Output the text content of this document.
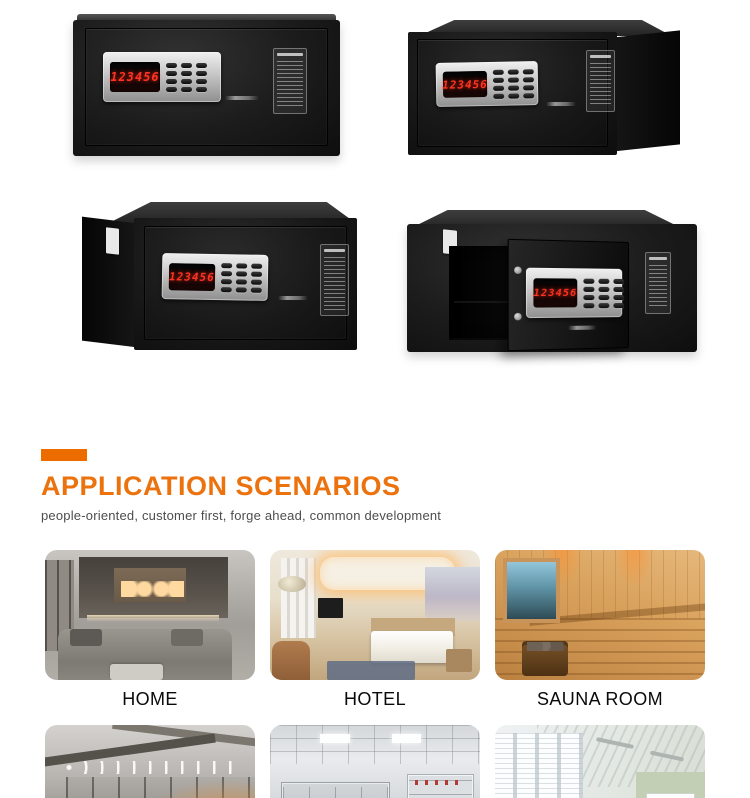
123456
123456
123456
123456
APPLICATION SCENARIOS

people-oriented, customer first, forge ahead, common development

HOME	HOTEL	SAUNA ROOM
